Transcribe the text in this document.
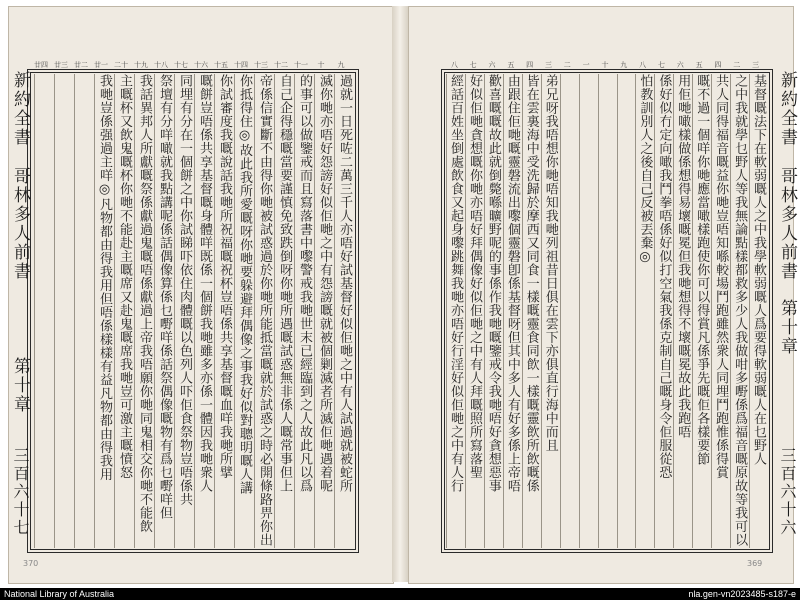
九
十
十一
十二
十三
十四
十五
十六
十七
十八
十九
二十
廿一
廿二
廿三
廿四
過就一日死咗二萬三千人亦唔好試基督好似佢哋之中有人試過就被蛇所
滅你哋亦唔好怨謗好似佢哋之中有怨謗嘅就被個剿滅者所滅佢哋遇着呢
的事可以做鑒戒而且寫落書中嚟警戒我哋世末已經臨到之人故此凡以爲
自己企得穩嘅當要謹慎免致跌倒呀你哋所遇嘅試惑無非係人嘅常事但上
帝係信實斷不由得你哋被試惑過於你哋所能抵當嘅就於試惑之時必開條路畀你出
你抵得住◎故此我所愛嘅呀你哋要躲避拜偶像之事我好似對聰明嘅人講
你試審度我嘅說話我哋所祝福嘅祝杯豈唔係共享基督嘅血咩我哋所擘
嘅餅豈唔係共享基督嘅身體咩既係一個餅我哋雖多亦係一體因我哋衆人
同埋有分在一個餅之中你試睇吓依住肉體嘅以色列人吓佢食祭物豈唔係共
祭壇有分咩噉就我點講呢係話偶像算係乜嘢咩係話祭偶像嘅物有爲乜嘢咩但
我話異邦人所獻嘅祭係獻過鬼嘅唔係獻過上帝我唔願你哋同鬼相交你哋不能飲
主嘅杯又飲鬼嘅杯你哋不能赴主嘅席又赴鬼嘅席我哋豈可激主嘅憤怒
我哋豈係强過主咩◎凡物都由得我用但唔係樣樣有益凡物都由得我用
新約全書
哥林多人前書
第十章
三百六十七
370
三
二
四
五
六
七
八
九
十
一
二
三
四
五
六
七
八
基督嘅法下在軟弱嘅人之中我學軟弱嘅人爲要得軟弱嘅人在乜野人
之中我就學乜野人等我無論點樣都救多少人我做咁多嘢係爲福音嘅原故等我可以
共人同得福音嘅益你哋豈唔知喺較場鬥跑雖然衆人同埋鬥跑惟係得賞
嘅不過一個咩你哋應當噉樣跑使你可以得賞凡係爭先嘅佢各樣要節
用佢哋噉樣做係想得易壞嘅冕但我哋想得不壞嘅冕故此我跑唔
係好似冇定向噉我鬥拳唔係好似打空氣我係克制自己嘅身令佢服從恐
怕教訓別人之後自己反被丟棄◎
弟兄呀我唔想你哋唔知我哋列祖昔日俱在雲下亦俱直行海中而且
皆在雲裏海中受洗歸於摩西又同食一樣嘅靈食同飲一樣嘅靈飲所飲嘅係
由跟住佢哋嘅靈磐流出嚟個靈磐卽係基督呀但其中多人有好多係上帝唔
歡喜嘅嘅故此就倒斃喺曠野呢的事係作我哋嘅鑒戒令我哋唔好貪想惡事
好似佢哋貪想嘅你哋亦唔好拜偶像好似佢哋之中有人拜嘅照所寫落聖
經話百姓坐倒處飲食又起身嚟跳舞我哋亦唔好行淫好似佢哋之中有人行	新約全書
哥林多人前書
第十章
三百六十六
369
National Library of Australia	nla.gen-vn2023485-s187-e
